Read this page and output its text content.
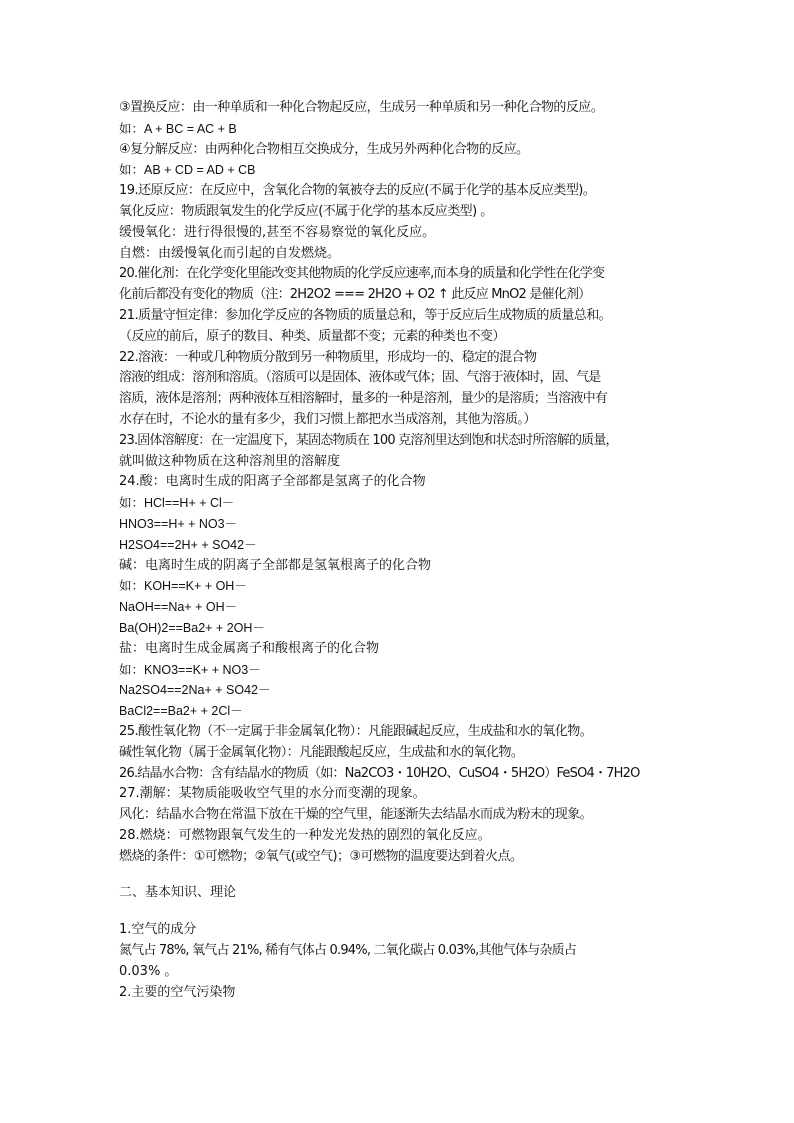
③置换反应：由一种单质和一种化合物起反应，生成另一种单质和另一种化合物的反应。
如：A + BC = AC + B
④复分解反应：由两种化合物相互交换成分，生成另外两种化合物的反应。
如：AB + CD = AD + CB
19.还原反应：在反应中，含氧化合物的氧被夺去的反应(不属于化学的基本反应类型)。
氧化反应：物质跟氧发生的化学反应(不属于化学的基本反应类型) 。
缓慢氧化：进行得很慢的,甚至不容易察觉的氧化反应。
自燃：由缓慢氧化而引起的自发燃烧。
20.催化剂：在化学变化里能改变其他物质的化学反应速率,而本身的质量和化学性在化学变
化前后都没有变化的物质（注：2H2O2 === 2H2O + O2 ↑ 此反应 MnO2 是催化剂）
21.质量守恒定律：参加化学反应的各物质的质量总和，等于反应后生成物质的质量总和。
（反应的前后，原子的数目、种类、质量都不变；元素的种类也不变）
22.溶液：一种或几种物质分散到另一种物质里，形成均一的、稳定的混合物
溶液的组成：溶剂和溶质。（溶质可以是固体、液体或气体；固、气溶于液体时，固、气是
溶质，液体是溶剂；两种液体互相溶解时，量多的一种是溶剂，量少的是溶质；当溶液中有
水存在时，不论水的量有多少，我们习惯上都把水当成溶剂，其他为溶质。）
23.固体溶解度：在一定温度下，某固态物质在 100 克溶剂里达到饱和状态时所溶解的质量，
就叫做这种物质在这种溶剂里的溶解度
24.酸：电离时生成的阳离子全部都是氢离子的化合物
如：HCl==H+ + Cl－
HNO3==H+ + NO3－
H2SO4==2H+ + SO42－
碱：电离时生成的阴离子全部都是氢氧根离子的化合物
如：KOH==K+ + OH－
NaOH==Na+ + OH－
Ba(OH)2==Ba2+ + 2OH－
盐：电离时生成金属离子和酸根离子的化合物
如：KNO3==K+ + NO3－
Na2SO4==2Na+ + SO42－
BaCl2==Ba2+ + 2Cl－
25.酸性氧化物（不一定属于非金属氧化物）：凡能跟碱起反应，生成盐和水的氧化物。
碱性氧化物（属于金属氧化物）：凡能跟酸起反应，生成盐和水的氧化物。
26.结晶水合物：含有结晶水的物质（如：Na2CO3・10H2O、CuSO4・5H2O）FeSO4・7H2O
27.潮解：某物质能吸收空气里的水分而变潮的现象。
风化：结晶水合物在常温下放在干燥的空气里，能逐渐失去结晶水而成为粉末的现象。
28.燃烧：可燃物跟氧气发生的一种发光发热的剧烈的氧化反应。
燃烧的条件：①可燃物；②氧气(或空气)；③可燃物的温度要达到着火点。
二、基本知识、理论
1.空气的成分
氮气占 78%, 氧气占 21%, 稀有气体占 0.94%, 二氧化碳占 0.03%,其他气体与杂质占
0.03% 。
2.主要的空气污染物
